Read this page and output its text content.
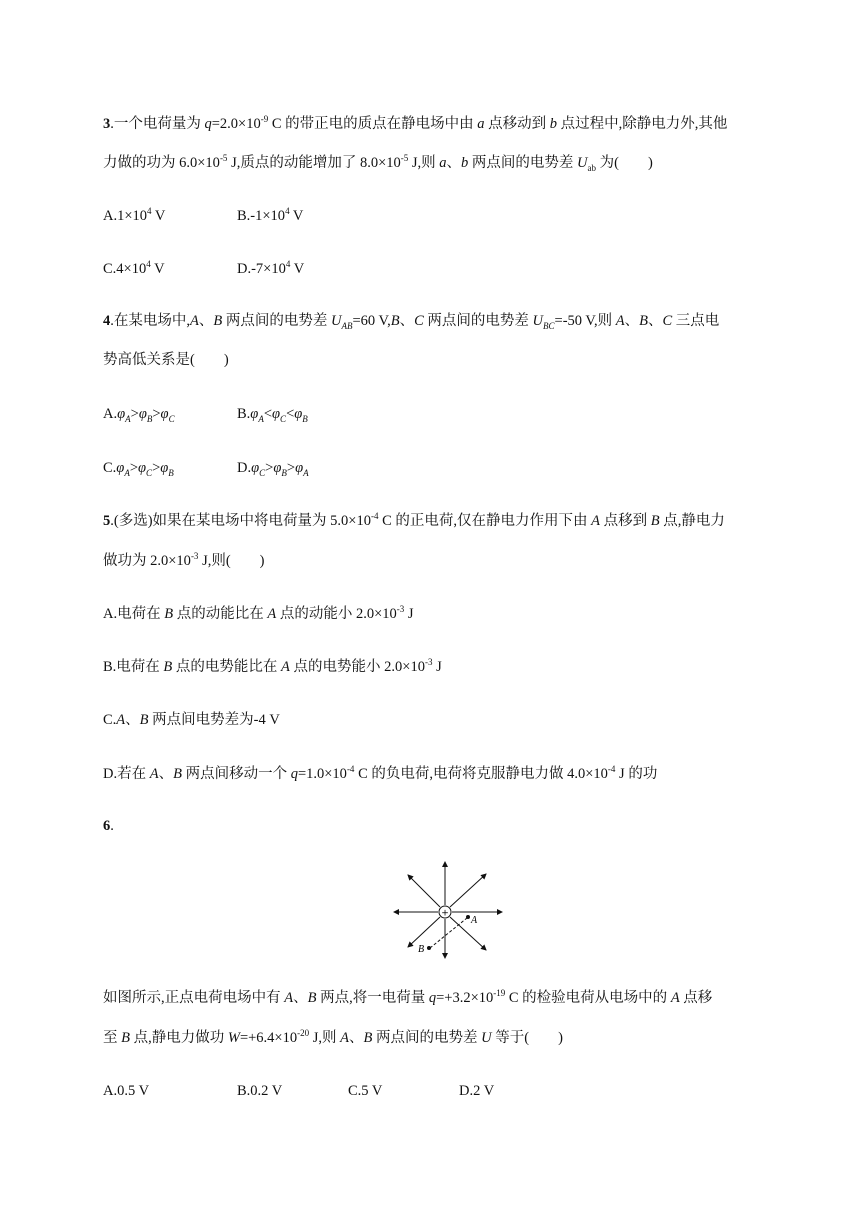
3.一个电荷量为 $q=2.0\times 10^{-9}$ C 的带正电的质点在静电场中由 a 点移动到 b 点过程中,除静电力外,其他
力做的功为 $6.0\times 10^{-5}$ J,质点的动能增加了 $8.0\times 10^{-5}$ J,则 a、b 两点间的电势差 $U_{ab}$ 为(　　)
$A.1\times 10^4$ V	$B.-1\times 10^4$ V
$C.4\times 10^4$ V	$D.-7\times 10^4$ V
4.在某电场中,A、B 两点间的电势差 $U_{AB}=60$ V,B、C 两点间的电势差 $U_{BC}=-50$ V,则 A、B、C 三点电
势高低关系是(　　)
$A.\varphi_A>\varphi_B>\varphi_C$	$B.\varphi_A<\varphi_C<\varphi_B$
$C.\varphi_A>\varphi_C>\varphi_B$	$D.\varphi_C>\varphi_B>\varphi_A$
5.(多选)如果在某电场中将电荷量为 $5.0\times 10^{-4}$ C 的正电荷,仅在静电力作用下由 A 点移到 B 点,静电力
做功为 $2.0\times 10^{-3}$ J,则(　　)
A.电荷在 B 点的动能比在 A 点的动能小 $2.0\times 10^{-3}$ J
B.电荷在 B 点的电势能比在 A 点的电势能小 $2.0\times 10^{-3}$ J
C.A、B 两点间电势差为-4 V
D.若在 A、B 两点间移动一个 $q=1.0\times 10^{-4}$ C 的负电荷,电荷将克服静电力做 $4.0\times 10^{-4}$ J 的功
6.
+
A
B
如图所示,正点电荷电场中有 A、B 两点,将一电荷量 $q=+3.2\times 10^{-19}$ C 的检验电荷从电场中的 A 点移
至 B 点,静电力做功 $W=+6.4\times 10^{-20}$ J,则 A、B 两点间的电势差 U 等于(　　)
A.0.5 V	B.0.2 V	C.5 V	D.2 V
